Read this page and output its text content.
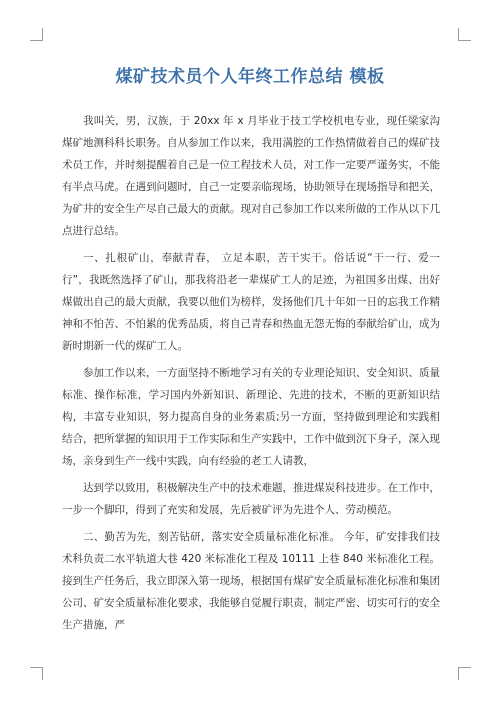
煤矿技术员个人年终工作总结 模板

我叫关，男，汉族，于 20xx 年 x 月毕业于技工学校机电专业，现任梁家沟煤矿地测科科长职务。自从参加工作以来，我用满腔的工作热情做着自己的煤矿技术员工作，并时刻提醒着自己是一位工程技术人员，对工作一定要严谨务实，不能有半点马虎。在遇到问题时，自己一定要亲临现场，协助领导在现场指导和把关，为矿井的安全生产尽自己最大的贡献。现对自己参加工作以来所做的工作从以下几点进行总结。

一、扎根矿山，奉献青春， 立足本职，苦干实干。俗话说“干一行、爱一行”，我既然选择了矿山，那我将沿老一辈煤矿工人的足迹，为祖国多出煤、出好煤做出自己的最大贡献，我要以他们为榜样，发扬他们几十年如一日的忘我工作精神和不怕苦、不怕累的优秀品质，将自己青春和热血无怨无悔的奉献给矿山，成为新时期新一代的煤矿工人。

参加工作以来，一方面坚持不断地学习有关的专业理论知识、安全知识、质量标准、操作标准，学习国内外新知识、新理论、先进的技术，不断的更新知识结构，丰富专业知识，努力提高自身的业务素质;另一方面，坚持做到理论和实践相结合，把所掌握的知识用于工作实际和生产实践中，工作中做到沉下身子，深入现场，亲身到生产一线中实践，向有经验的老工人请教，

达到学以致用，积极解决生产中的技术难题，推进煤炭科技进步。在工作中，一步一个脚印，得到了充实和发展，先后被矿评为先进个人、劳动模范。

二、勤苦为先，刻苦钻研，落实安全质量标准化标准。 今年，矿安排我们技术科负责二水平轨道大巷 420 米标准化工程及 10111 上巷 840 米标准化工程。接到生产任务后，我立即深入第一现场，根据国有煤矿安全质量标准化标准和集团公司、矿安全质量标准化要求，我能够自觉履行职责，制定严密、切实可行的安全生产措施，严
